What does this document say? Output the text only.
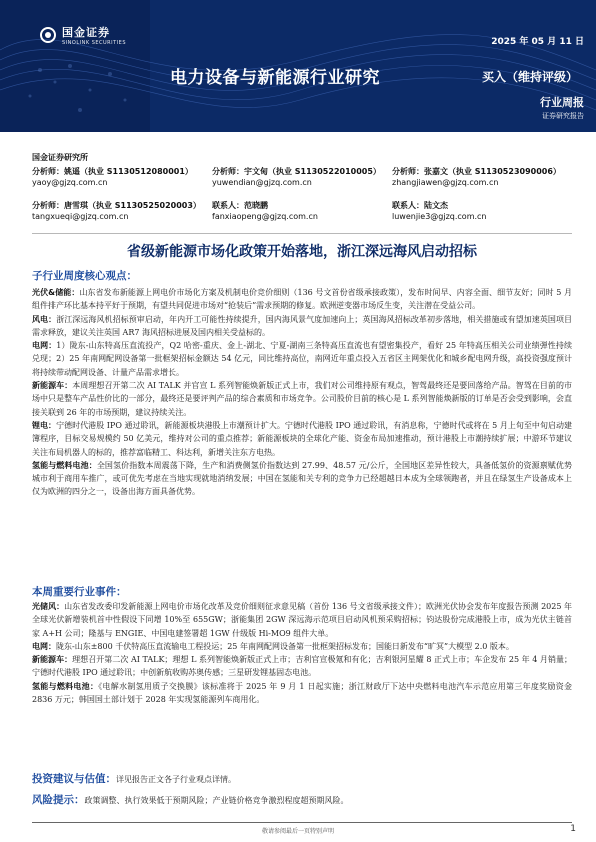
国金证券
SINOLINK SECURITIES	2025 年 05 月 11 日
电力设备与新能源行业研究	买入（维持评级）
行业周报
证券研究报告
国金证券研究所
分析师：姚遥（执业 S1130512080001）
yaoy@gjzq.com.cn
分析师：宇文甸（执业 S1130522010005）
yuwendian@gjzq.com.cn
分析师：张嘉文（执业 S1130523090006）
zhangjiawen@gjzq.com.cn
分析师：唐雪琪（执业 S1130525020003）
tangxueqi@gjzq.com.cn
联系人：范晓鹏
fanxiaopeng@gjzq.com.cn
联系人：陆文杰
luwenjie3@gjzq.com.cn
省级新能源市场化政策开始落地，浙江深远海风启动招标
子行业周度核心观点：

光伏&储能：山东省发布新能源上网电价市场化方案及机制电价竞价细则（136 号文首份省级承接政策），发布时间早、内容全面、细节友好；同时 5 月组件排产环比基本持平好于预期，有望共同促进市场对“抢装后”需求预期的修复。欧洲逆变器市场反生变，关注潜在受益公司。

风电：浙江深远海风机招标预审启动，年内开工可能性持续提升，国内海风景气度加速向上；英国海风招标改革初步落地，相关措施或有望加速英国项目需求释放，建议关注英国 AR7 海风招标进展及国内相关受益标的。

电网：1）陇东-山东特高压直流投产，Q2 哈密-重庆、金上-湖北、宁夏-湖南三条特高压直流也有望密集投产，看好 25 年特高压相关公司业绩弹性持续兑现；2）25 年南网配网设备第一批框架招标金额达 54 亿元，同比维持高位，南网近年重点投入五省区主网架优化和城乡配电网升级，高投资强度预计将持续带动配网设备、计量产品需求增长。

新能源车：本周理想召开第二次 AI TALK 并官宣 L 系列智能焕新版正式上市，我们对公司维持原有观点，智驾最终还是要回落给产品。智驾在目前的市场中只是整车产品性价比的一部分，最终还是要评判产品的综合素质和市场竞争。公司股价目前的核心是 L 系列智能焕新版的订单是否会受到影响，会直接关联到 26 年的市场预期，建议持续关注。

锂电：宁德时代港股 IPO 通过聆讯，新能源板块港股上市潮预计扩大。宁德时代港股 IPO 通过聆讯，有消息称，宁德时代或将在 5 月上旬至中旬启动建簿程序，目标交易规模约 50 亿美元，维持对公司的重点推荐；新能源板块的全球化产能、资金布局加速推动，预计港股上市潮持续扩展；中游环节建议关注布局机器人的标的，推荐富临精工、科达利，新增关注东方电热。

氢能与燃料电池：全国氢价指数本周震荡下降，生产和消费侧氢价指数达到 27.99、48.57 元/公斤，全国地区差异性较大，具备低氢价的资源禀赋优势城市利于商用车推广，或可优先考虑在当地实现就地消纳发展；中国在氢能和关专利的竞争力已经超越日本成为全球领跑者，并且在绿氢生产设备成本上仅为欧洲的四分之一，设备出海方面具备优势。

本周重要行业事件：

光储风：山东省发改委印发新能源上网电价市场化改革及竞价细则征求意见稿（首份 136 号文省级承接文件）；欧洲光伏协会发布年度报告预测 2025 年全球光伏新增装机首中性假设下同增 10%至 655GW；浙能集团 2GW 深远海示范项目启动风机预采购招标；钧达股份完成港股上市，成为光伏主链首家 A+H 公司；隆基与 ENGIE、中国电建签署超 1GW 什级版 Hi-MO9 组件大单。

电网：陇东-山东±800 千伏特高压直流输电工程投运；25 年南网配网设备第一批框架招标发布；国能日新发布“旷冥”大模型 2.0 版本。

新能源车：理想召开第二次 AI TALK；理想 L 系列智能焕新版正式上市；吉利官宣极氪和有化；吉利银河星耀 8 正式上市；车企发布 25 年 4 月销量；宁德时代港股 IPO 通过聆讯；中创新航收购苏奥传感；三星研发锂基固态电池。

氢能与燃料电池：《电解水制氢用质子交换膜》该标准将于 2025 年 9 月 1 日起实施；浙江财政厅下达中央燃料电池汽车示范应用第三年度奖励资金 2836 万元；韩国国土部计划于 2028 年实现氢能源列车商用化。

投资建议与估值：详见报告正文各子行业观点详情。
风险提示：政策调整、执行效果低于预期风险；产业链价格竞争激烈程度超预期风险。
敬请参阅最后一页特别声明	1
